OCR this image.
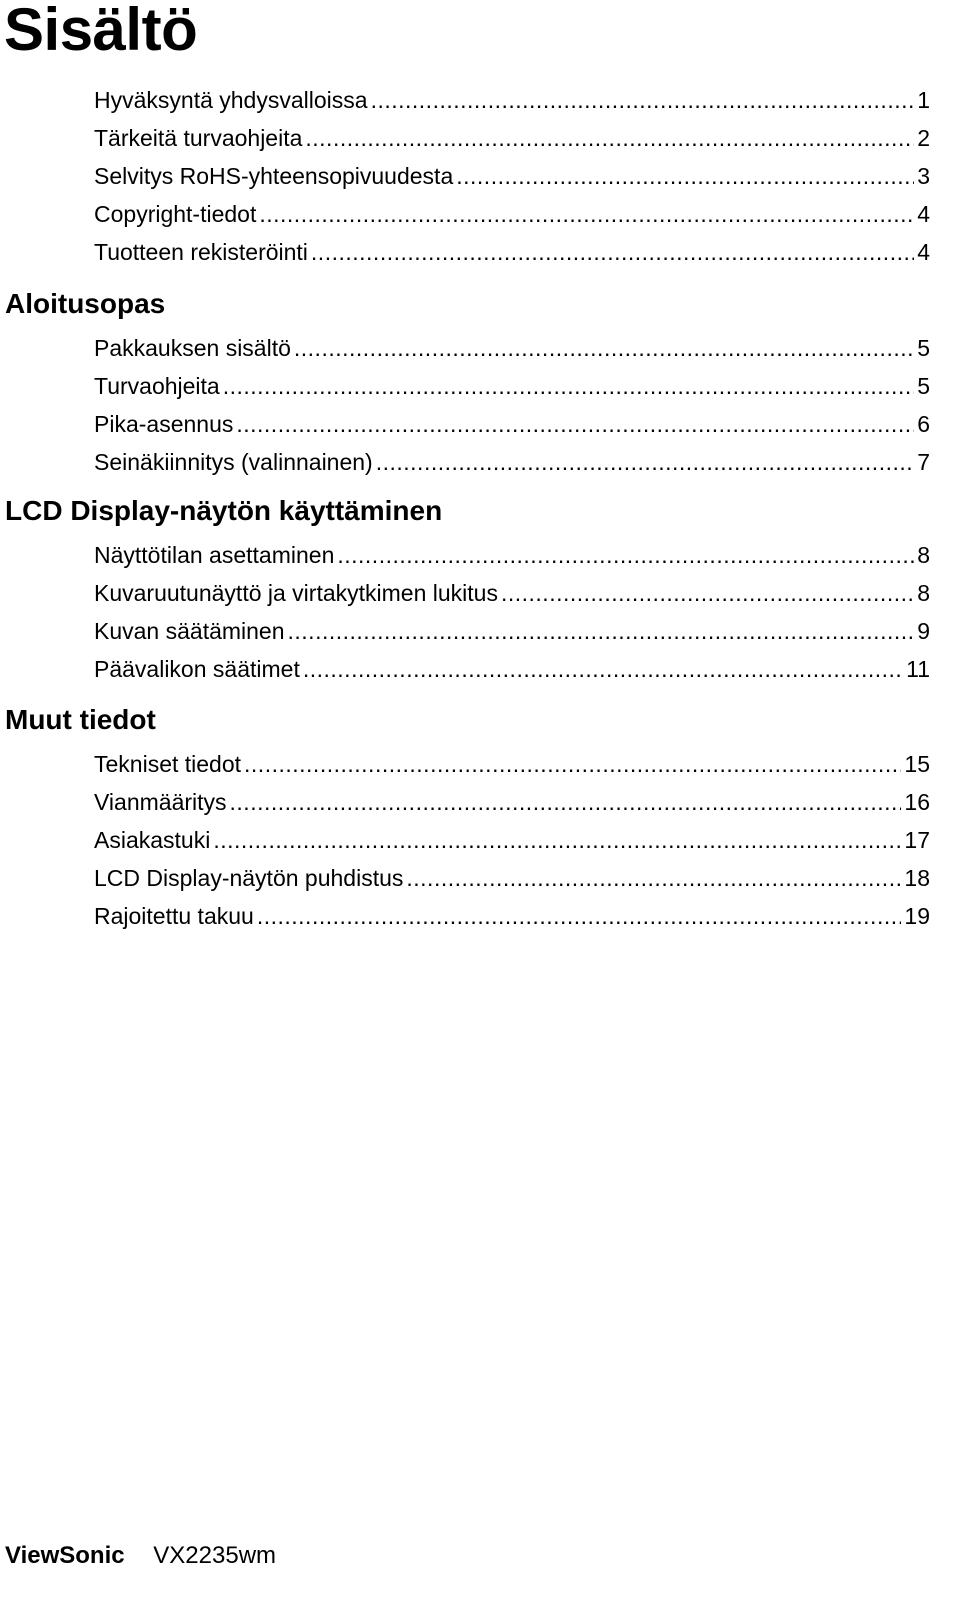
Sisältö
Hyväksyntä yhdysvalloissa .....	1
Tärkeitä turvaohjeita .....	2
Selvitys RoHS-yhteensopivuudesta .....	3
Copyright-tiedot .....	4
Tuotteen rekisteröinti .....	4
Aloitusopas
Pakkauksen sisältö .....	5
Turvaohjeita .....	5
Pika-asennus .....	6
Seinäkiinnitys (valinnainen) .....	7
LCD Display-näytön käyttäminen
Näyttötilan asettaminen .....	8
Kuvaruutunäyttö ja virtakytkimen lukitus .....	8
Kuvan säätäminen .....	9
Päävalikon säätimet .....	11
Muut tiedot
Tekniset tiedot .....	15
Vianmääritys .....	16
Asiakastuki .....	17
LCD Display-näytön puhdistus .....	18
Rajoitettu takuu .....	19
ViewSonic VX2235wm
